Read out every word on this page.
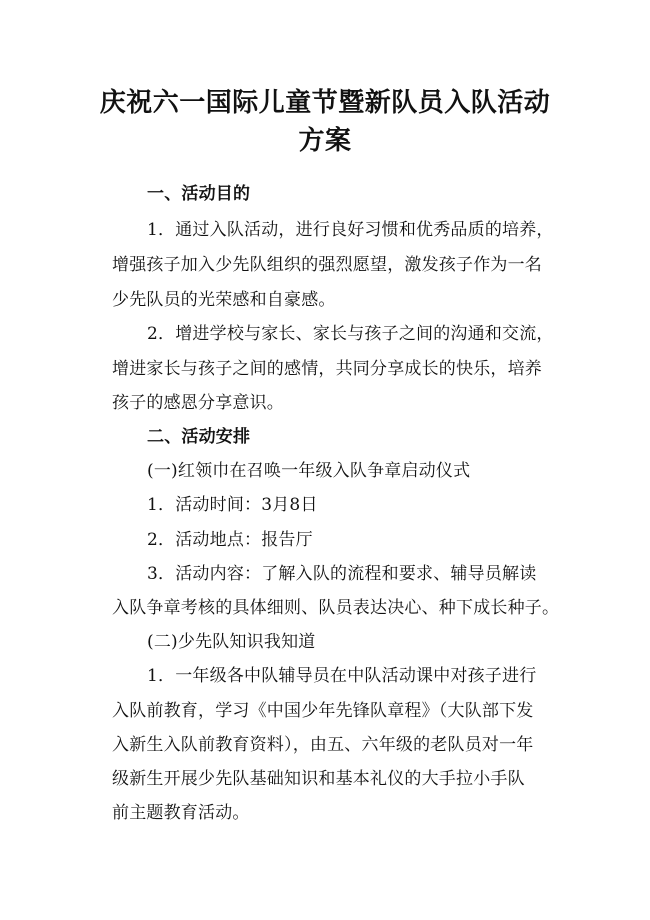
庆祝六一国际儿童节暨新队员入队活动
方案
一、活动目的
1．通过入队活动，进行良好习惯和优秀品质的培养，
增强孩子加入少先队组织的强烈愿望，激发孩子作为一名
少先队员的光荣感和自豪感。
2．增进学校与家长、家长与孩子之间的沟通和交流，
增进家长与孩子之间的感情，共同分享成长的快乐，培养
孩子的感恩分享意识。
二、活动安排
(一)红领巾在召唤一年级入队争章启动仪式
1．活动时间：3月8日
2．活动地点：报告厅
3．活动内容：了解入队的流程和要求、辅导员解读
入队争章考核的具体细则、队员表达决心、种下成长种子。
(二)少先队知识我知道
1．一年级各中队辅导员在中队活动课中对孩子进行
入队前教育，学习《中国少年先锋队章程》（大队部下发
入新生入队前教育资料），由五、六年级的老队员对一年
级新生开展少先队基础知识和基本礼仪的大手拉小手队
前主题教育活动。
